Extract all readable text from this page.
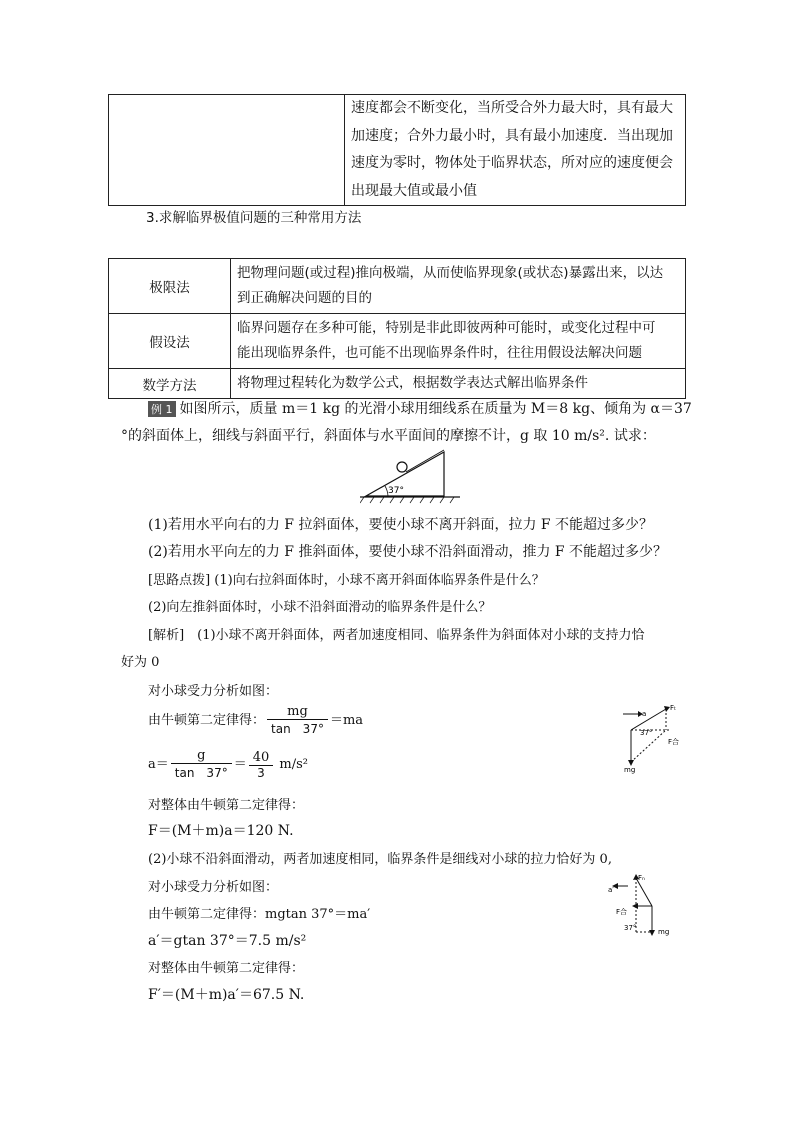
速度都会不断变化，当所受合外力最大时，具有最大
加速度；合外力最小时，具有最小加速度．当出现加
速度为零时，物体处于临界状态，所对应的速度便会
出现最大值或最小值
3.求解临界极值问题的三种常用方法
极限法	把物理问题(或过程)推向极端，从而使临界现象(或状态)暴露出来，以达
到正确解决问题的目的

假设法	临界问题存在多种可能，特别是非此即彼两种可能时，或变化过程中可
能出现临界条件，也可能不出现临界条件时，往往用假设法解决问题

数学方法	将物理过程转化为数学公式，根据数学表达式解出临界条件
例 1 如图所示，质量 m＝1 kg 的光滑小球用细线系在质量为 M＝8 kg、倾角为 α＝37
°的斜面体上，细线与斜面平行，斜面体与水平面间的摩擦不计，g 取 10 m/s². 试求：
37°
(1)若用水平向右的力 F 拉斜面体，要使小球不离开斜面，拉力 F 不能超过多少？
(2)若用水平向左的力 F 推斜面体，要使小球不沿斜面滑动，推力 F 不能超过多少？
[思路点拨] (1)向右拉斜面体时，小球不离开斜面体临界条件是什么？
(2)向左推斜面体时，小球不沿斜面滑动的临界条件是什么？
[解析]　(1)小球不离开斜面体，两者加速度相同、临界条件为斜面体对小球的支持力恰
好为 0
对小球受力分析如图：
由牛顿第二定律得： $\frac{mg}{\tan 37^\circ} =ma$
$a= \frac{g}{\tan 37^\circ} = \frac{40}{3} m/s^2$
对整体由牛顿第二定律得：
F＝(M＋m)a＝120 N.
(2)小球不沿斜面滑动，两者加速度相同，临界条件是细线对小球的拉力恰好为 0,
对小球受力分析如图：
由牛顿第二定律得：mgtan 37°＝ma′
a′＝gtan 37°＝7.5 m/s²
对整体由牛顿第二定律得：
F′＝(M＋m)a′＝67.5 N.
a
Fₜ
37°
F合
mg
Fₙ
a′
F合
37°	mg
